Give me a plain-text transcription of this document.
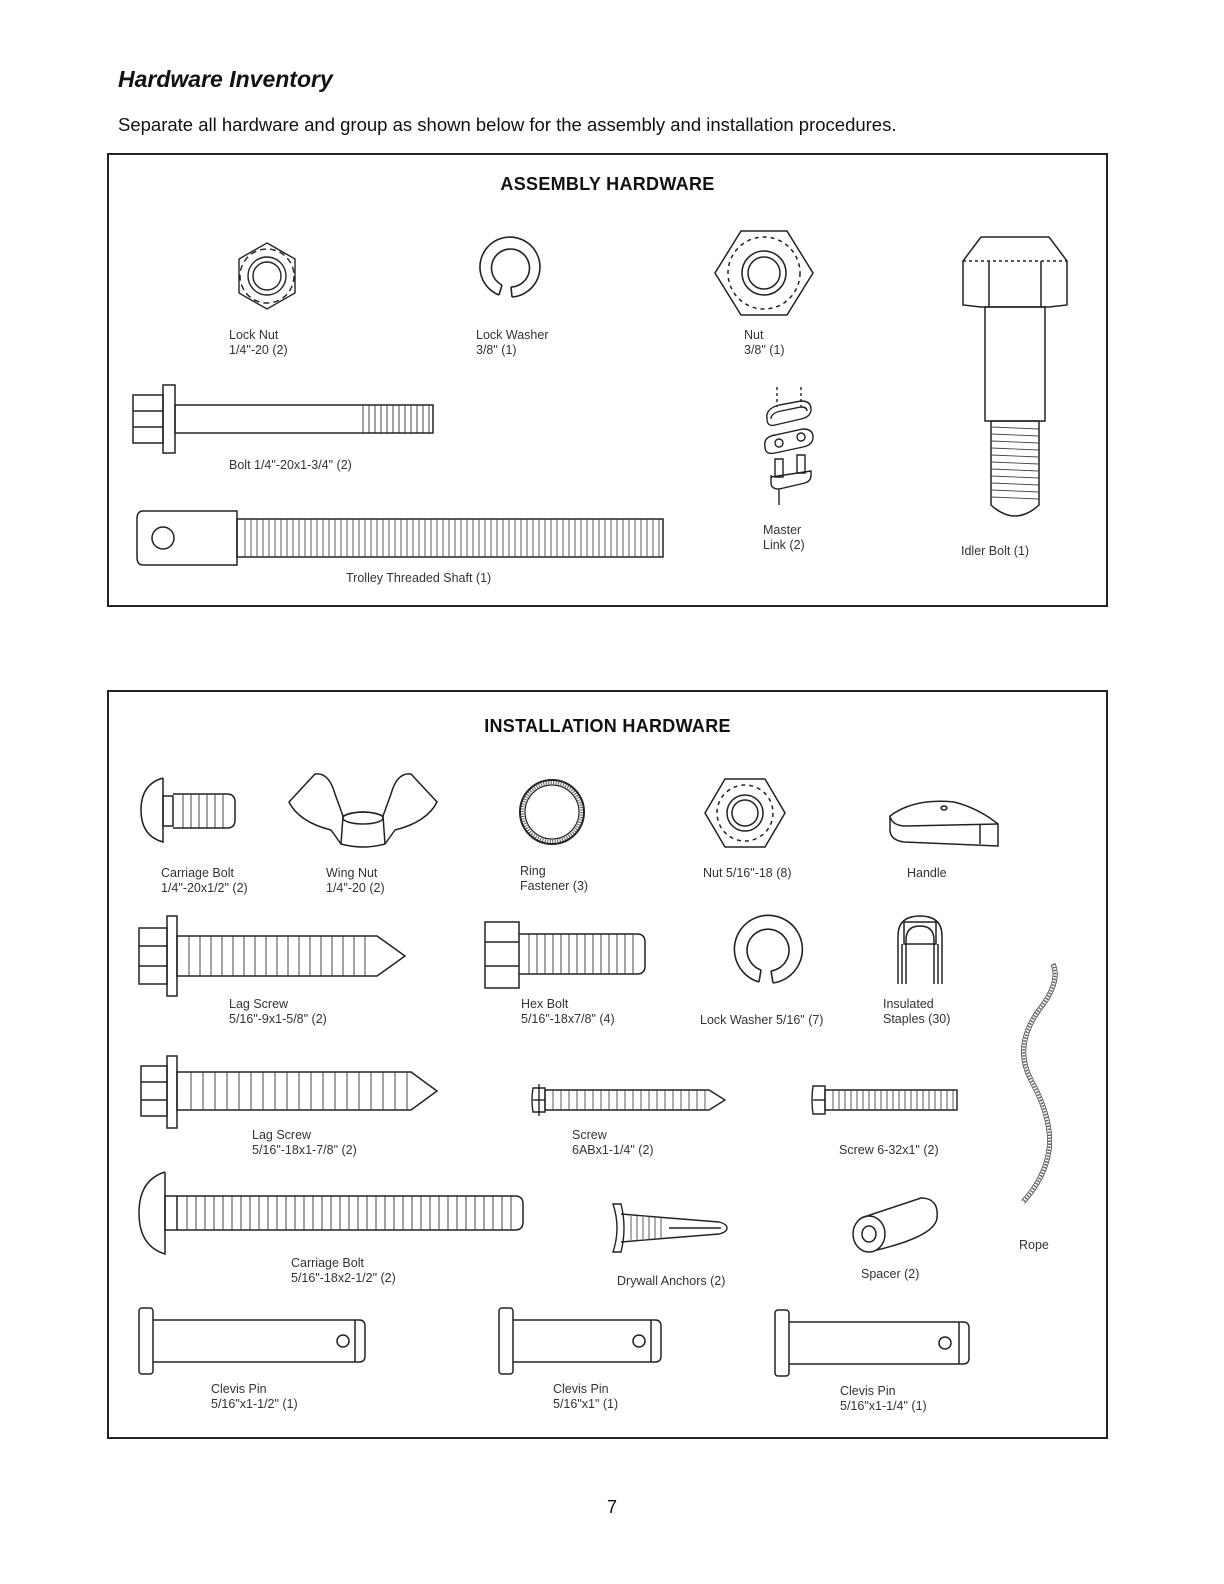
Hardware Inventory
Separate all hardware and group as shown below for the assembly and installation procedures.
ASSEMBLY HARDWARE
Lock Nut
1/4"-20 (2)
Lock Washer
3/8" (1)
Nut
3/8" (1)
Idler Bolt (1)
Bolt 1/4"-20x1-3/4" (2)
Master
Link (2)
Trolley Threaded Shaft (1)
INSTALLATION HARDWARE
Carriage Bolt
1/4"-20x1/2" (2)
Wing Nut
1/4"-20 (2)
Ring
Fastener (3)
Nut 5/16"-18 (8)	Handle
Lag Screw
5/16"-9x1-5/8" (2)
Hex Bolt
5/16"-18x7/8" (4)	Lock Washer 5/16" (7)
Insulated
Staples (30)
Rope
Lag Screw
5/16"-18x1-7/8" (2)
Screw
6ABx1-1/4" (2)	Screw 6-32x1" (2)
Carriage Bolt
5/16"-18x2-1/2" (2)	Drywall Anchors (2)	Spacer (2)
Clevis Pin
5/16"x1-1/2" (1)
Clevis Pin
5/16"x1" (1)
Clevis Pin
5/16"x1-1/4" (1)
7
